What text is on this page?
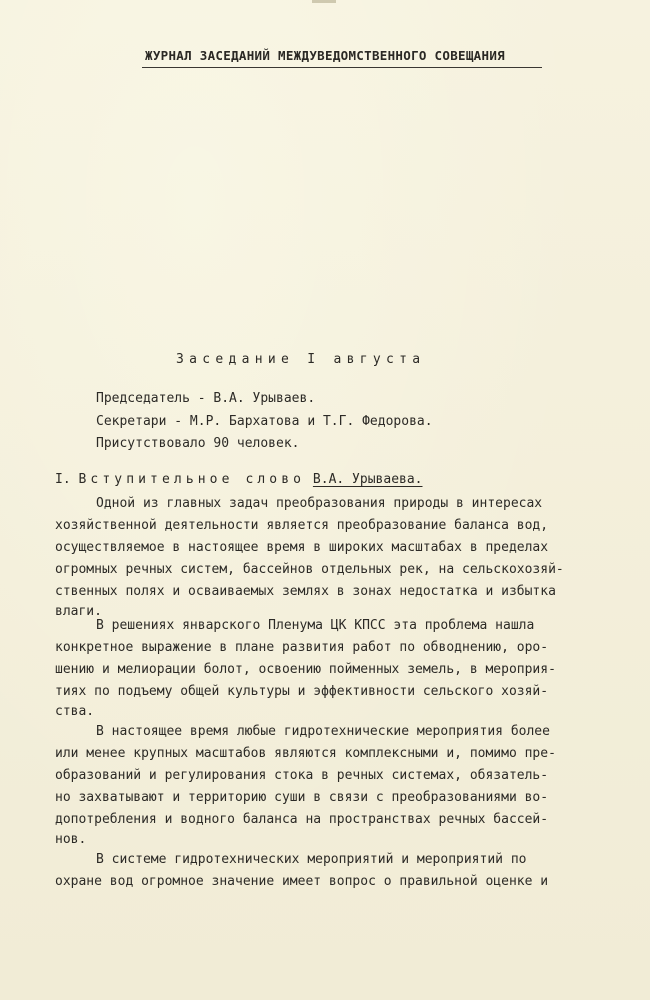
ЖУРНАЛ ЗАСЕДАНИЙ МЕЖДУВЕДОМСТВЕННОГО СОВЕЩАНИЯ
Заседание I августа
Председатель - В.А. Урываев.
Секретари - М.Р. Бархатова и Т.Г. Федорова.
Присутствовало 90 человек.
I. Вступительное слово В.А. Урываева.
Одной из главных задач преобразования природы в интересах
хозяйственной деятельности является преобразование баланса вод,
осуществляемое в настоящее время в широких масштабах в пределах
огромных речных систем, бассейнов отдельных рек, на сельскохозяй-
ственных полях и осваиваемых землях в зонах недостатка и избытка
влаги.
В решениях январского Пленума ЦК КПСС эта проблема нашла
конкретное выражение в плане развития работ по обводнению, оро-
шению и мелиорации болот, освоению пойменных земель, в мероприя-
тиях по подъему общей культуры и эффективности сельского хозяй-
ства.
В настоящее время любые гидротехнические мероприятия более
или менее крупных масштабов являются комплексными и, помимо пре-
образований и регулирования стока в речных системах, обязатель-
но захватывают и территорию суши в связи с преобразованиями во-
допотребления и водного баланса на пространствах речных бассей-
нов.
В системе гидротехнических мероприятий и мероприятий по
охране вод огромное значение имеет вопрос о правильной оценке и
